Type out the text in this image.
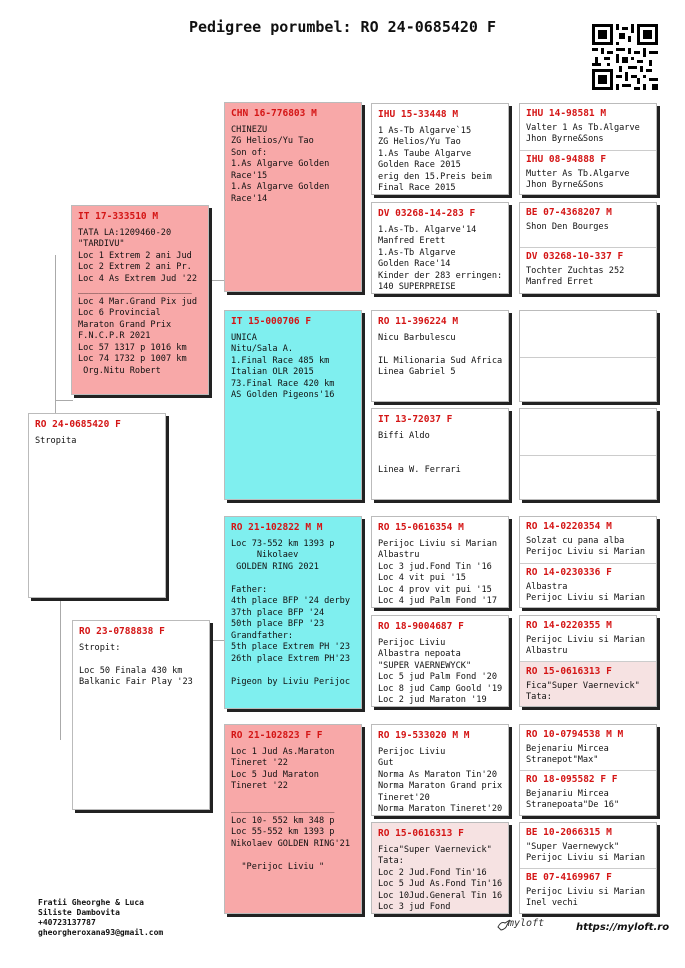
Pedigree porumbel: RO 24-0685420 F
RO 24-0685420 F
Stropita
IT 17-333510 M
TATA LA:1209460-20
"TARDIVU"
Loc 1 Extrem 2 ani Jud
Loc 2 Extrem 2 ani Pr.
Loc 4 As Extrem Jud '22
______________________
Loc 4 Mar.Grand Pix jud
Loc 6 Provincial
Maraton Grand Prix
F.N.C.P.R 2021
Loc 57 1317 p 1016 km
Loc 74 1732 p 1007 km
Org.Nitu Robert
RO 23-0788838 F
Stropit:

Loc 50 Finala 430 km
Balkanic Fair Play '23
CHN 16-776803 M
CHINEZU
ZG Helios/Yu Tao
Son of:
1.As Algarve Golden
Race'15
1.As Algarve Golden
Race'14
IT 15-000706 F
UNICA
Nitu/Sala A.
1.Final Race 485 km
Italian OLR 2015
73.Final Race 420 km
AS Golden Pigeons'16
RO 21-102822 M M
Loc 73-552 km 1393 p
Nikolaev
GOLDEN RING 2021

Father:
4th place BFP '24 derby
37th place BFP '24
50th place BFP '23
Grandfather:
5th place Extrem PH '23
26th place Extrem PH'23

Pigeon by Liviu Perijoc
RO 21-102823 F F
Loc 1 Jud As.Maraton
Tineret '22
Loc 5 Jud Maraton
Tineret '22

____________________
Loc 10- 552 km 348 p
Loc 55-552 km 1393 p
Nikolaev GOLDEN RING'21

"Perijoc Liviu "
IHU 15-33448 M
1 As-Tb Algarve`15
ZG Helios/Yu Tao
1.As Taube Algarve
Golden Race 2015
erig den 15.Preis beim
Final Race 2015
DV 03268-14-283 F
1.As-Tb. Algarve'14
Manfred Erett
1.As-Tb Algarve
Golden Race'14
Kinder der 283 erringen:
140 SUPERPREISE
RO 11-396224 M
Nicu Barbulescu

IL Milionaria Sud Africa
Linea Gabriel 5
IT 13-72037 F
Biffi Aldo

Linea W. Ferrari
RO 15-0616354 M
Perijoc Liviu si Marian
Albastru
Loc 3 jud.Fond Tin '16
Loc 4 vit pui '15
Loc 4 prov vit pui '15
Loc 4 jud Palm Fond '17
RO 18-9004687 F
Perijoc Liviu
Albastra nepoata
"SUPER VAERNEWYCK"
Loc 5 jud Palm Fond '20
Loc 8 jud Camp Goold '19
Loc 2 jud Maraton '19
RO 19-533020 M M
Perijoc Liviu
Gut
Norma As Maraton Tin'20
Norma Maraton Grand prix
Tineret'20
Norma Maraton Tineret'20
RO 15-0616313 F
Fica"Super Vaernevick"
Tata:
Loc 2 Jud.Fond Tin'16
Loc 5 Jud As.Fond Tin'16
Loc 10Jud.General Tin 16
Loc 3 jud Fond
IHU 14-98581 M
Valter 1 As Tb.Algarve
Jhon Byrne&Sons
IHU 08-94888 F
Mutter As Tb.Algarve
Jhon Byrne&Sons
BE 07-4368207 M
Shon Den Bourges
DV 03268-10-337 F
Tochter Zuchtas 252
Manfred Erret
RO 14-0220354 M
Solzat cu pana alba
Perijoc Liviu si Marian
RO 14-0230336 F
Albastra
Perijoc Liviu si Marian
RO 14-0220355 M
Perijoc Liviu si Marian
Albastru
RO 15-0616313 F
Fica"Super Vaernevick"
Tata:
RO 10-0794538 M M
Bejenariu Mircea
Stranepot"Max"
RO 18-095582 F F
Bejanariu Mircea
Stranepoata"De 16"
BE 10-2066315 M
"Super Vaernewyck"
Perijoc Liviu si Marian
BE 07-4169967 F
Perijoc Liviu si Marian
Inel vechi
Fratii Gheorghe & Luca
Siliste Dambovita
+40723137787
gheorgheroxana93@gmail.com
myloft	https://myloft.ro
